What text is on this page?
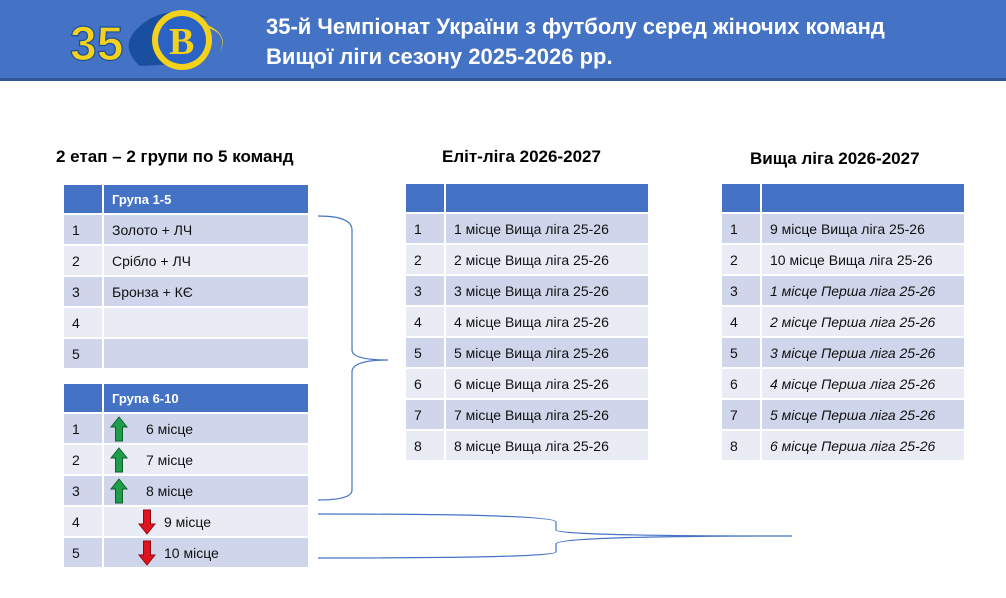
35 В	35-й Чемпіонат України з футболу серед жіночих команд
Вищої ліги сезону 2025-2026 рр.
2 етап – 2 групи по 5 команд	Еліт-ліга 2026-2027	Вища ліга 2026-2027
	Група 1-5
1	Золото + ЛЧ
2	Срібло + ЛЧ
3	Бронза + КЄ
4	
5	
	Група 6-10
1	6 місце

2	7 місце

3	8 місце

4	9 місце

5	10 місце

1	1 місце Вища ліга 25-26
2	2 місце Вища ліга 25-26
3	3 місце Вища ліга 25-26
4	4 місце Вища ліга 25-26
5	5 місце Вища ліга 25-26
6	6 місце Вища ліга 25-26
7	7 місце Вища ліга 25-26
8	8 місце Вища ліга 25-26

1	9 місце Вища ліга 25-26
2	10 місце Вища ліга 25-26
3	1 місце Перша ліга 25-26
4	2 місце Перша ліга 25-26
5	3 місце Перша ліга 25-26
6	4 місце Перша ліга 25-26
7	5 місце Перша ліга 25-26
8	6 місце Перша ліга 25-26
